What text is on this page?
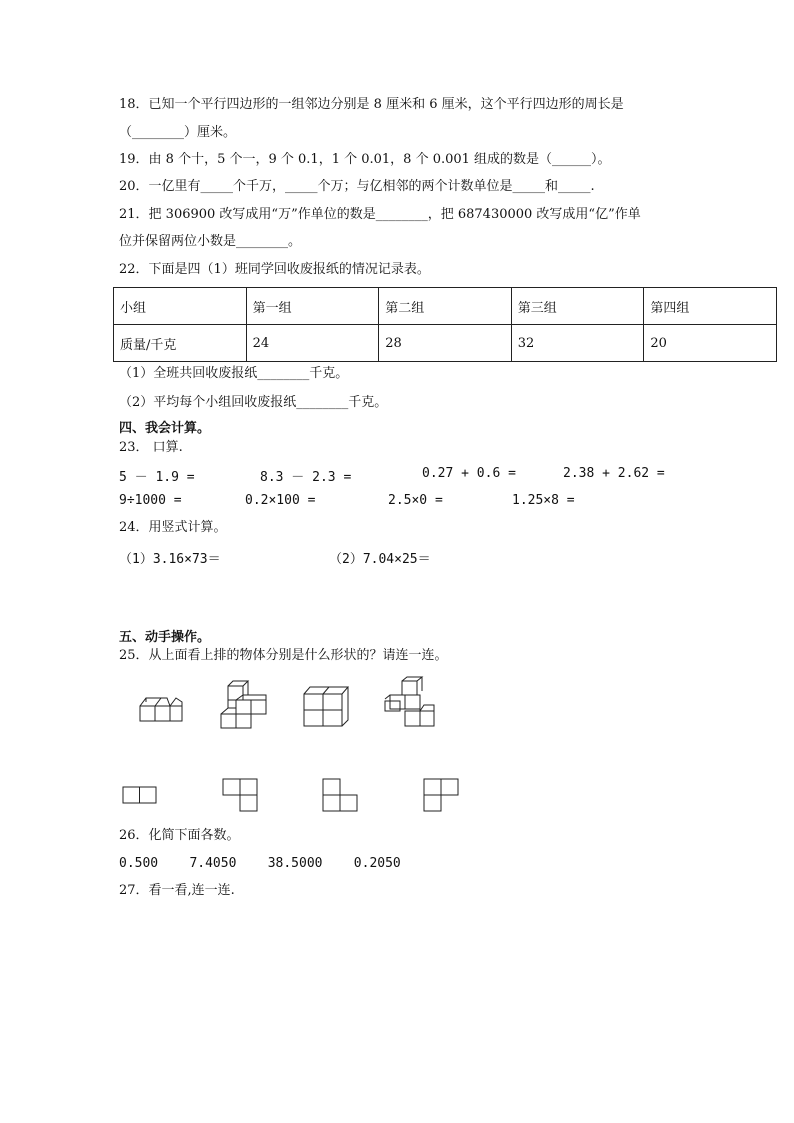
18．已知一个平行四边形的一组邻边分别是 8 厘米和 6 厘米，这个平行四边形的周长是
（________）厘米。
19．由 8 个十，5 个一，9 个 0.1，1 个 0.01，8 个 0.001 组成的数是（______）。
20．一亿里有_____个千万，_____个万；与亿相邻的两个计数单位是_____和_____.
21．把 306900 改写成用“万”作单位的数是________，把 687430000 改写成用“亿”作单
位并保留两位小数是________。
22．下面是四（1）班同学回收废报纸的情况记录表。
小组	第一组	第二组	第三组	第四组
质量/千克	24	28	32	20
（1）全班共回收废报纸________千克。
（2）平均每个小组回收废报纸________千克。
四、我会计算。
23． 口算.
5 － 1.9 =	8.3 － 2.3 =	0.27 + 0.6 =	2.38 + 2.62 =
9÷1000 =	0.2×100 =	2.5×0 =	1.25×8 =
24．用竖式计算。
（1）3.16×73＝	（2）7.04×25＝
五、动手操作。
25．从上面看上排的物体分别是什么形状的？请连一连。
26．化简下面各数。
0.500    7.4050    38.5000    0.2050
27．看一看,连一连.
